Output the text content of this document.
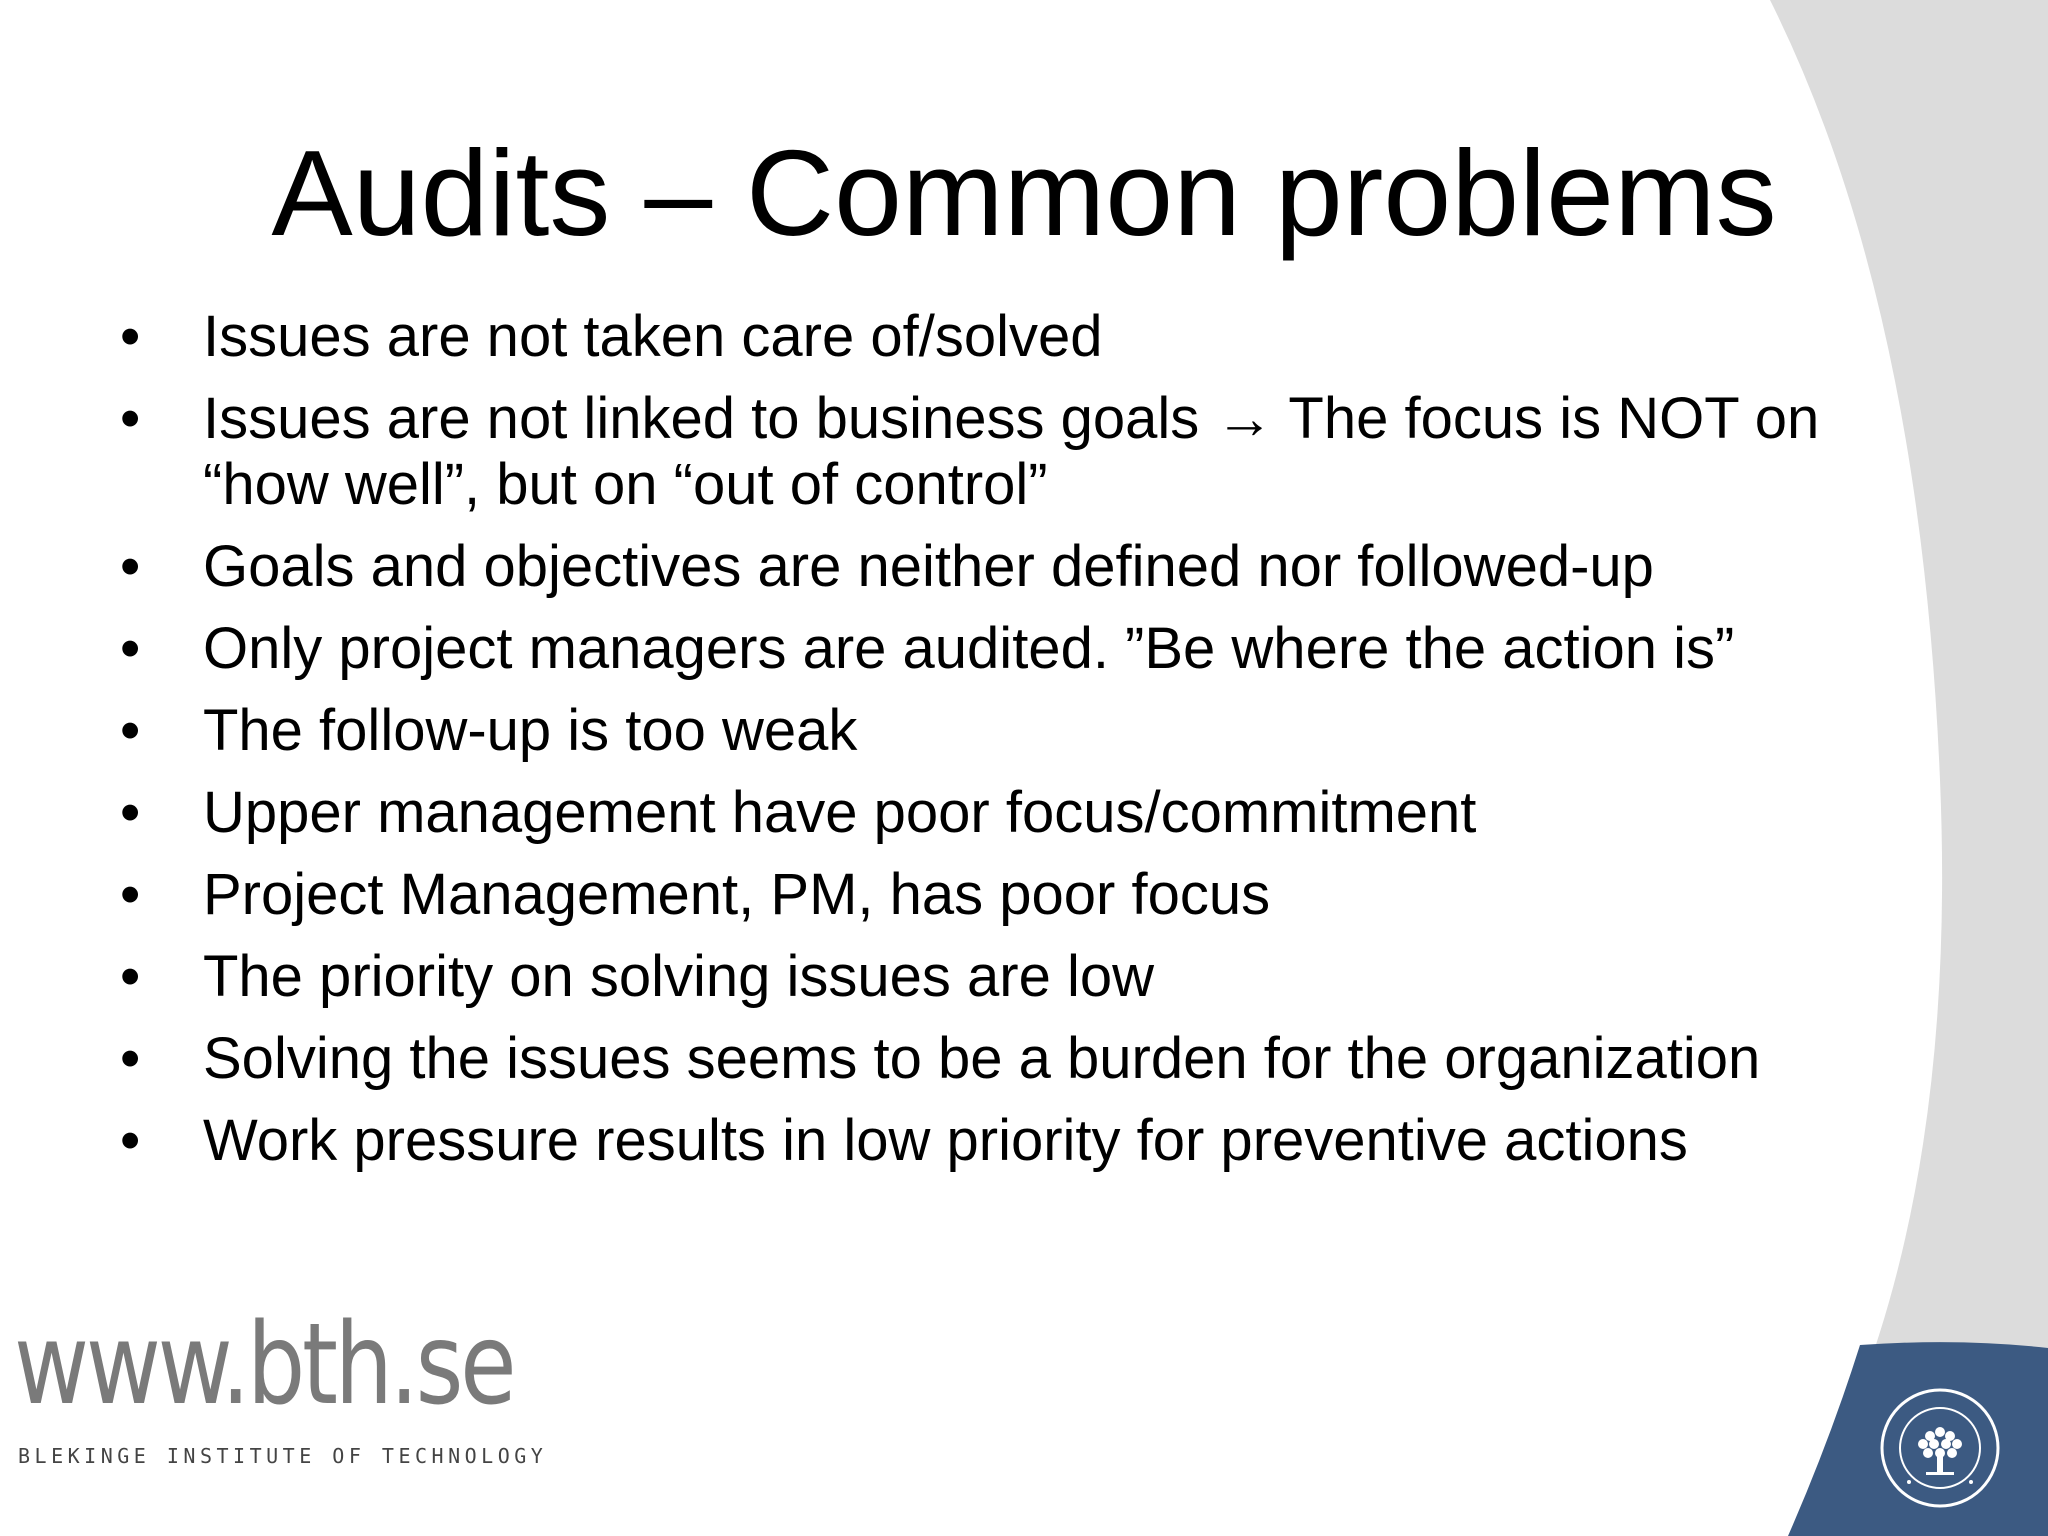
Audits – Common problems
•	Issues are not taken care of/solved
•	Issues are not linked to business goals → The focus is NOT on
“how well”, but on “out of control”
•	Goals and objectives are neither defined nor followed-up
•	Only project managers are audited. ”Be where the action is”
•	The follow-up is too weak
•	Upper management have poor focus/commitment
•	Project Management, PM, has poor focus
•	The priority on solving issues are low
•	Solving the issues seems to be a burden for the organization
•	Work pressure results in low priority for preventive actions
www.bth.se
BLEKINGE INSTITUTE OF TECHNOLOGY
